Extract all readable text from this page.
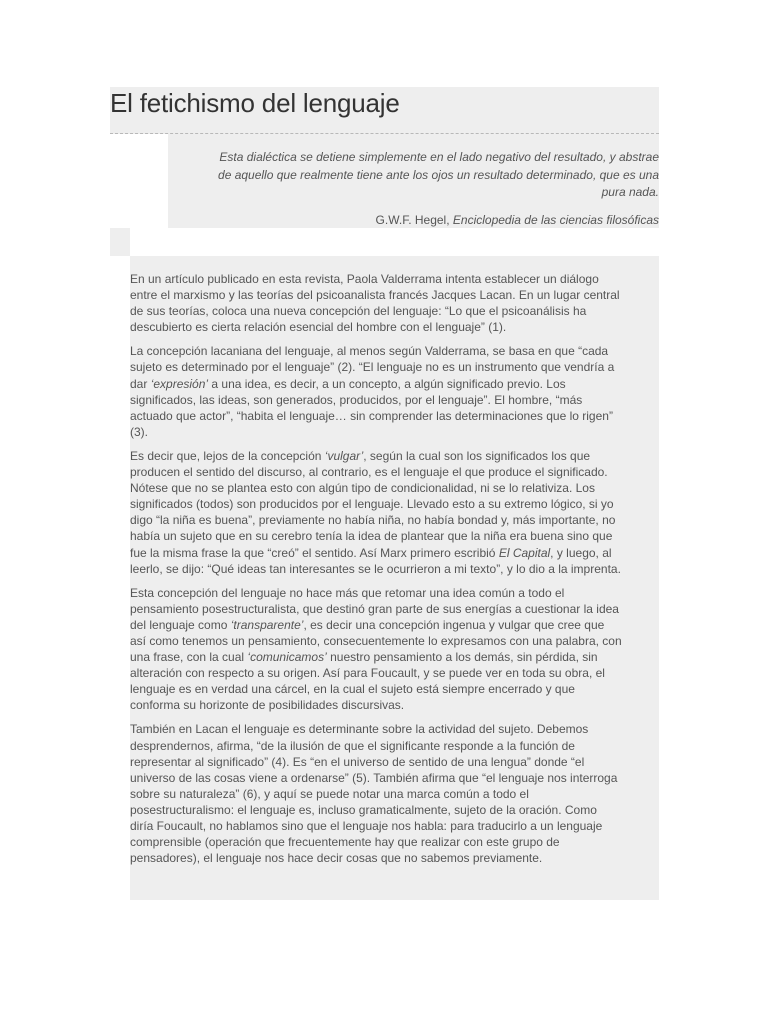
El fetichismo del lenguaje

Esta dialéctica se detiene simplemente en el lado negativo del resultado, y abstrae
de aquello que realmente tiene ante los ojos un resultado determinado, que es una
pura nada.

G.W.F. Hegel, Enciclopedia de las ciencias filosóficas

En un artículo publicado en esta revista, Paola Valderrama intenta establecer un diálogo
entre el marxismo y las teorías del psicoanalista francés Jacques Lacan. En un lugar central
de sus teorías, coloca una nueva concepción del lenguaje: “Lo que el psicoanálisis ha
descubierto es cierta relación esencial del hombre con el lenguaje” (1).

La concepción lacaniana del lenguaje, al menos según Valderrama, se basa en que “cada
sujeto es determinado por el lenguaje” (2). “El lenguaje no es un instrumento que vendría a
dar ‘expresión’ a una idea, es decir, a un concepto, a algún significado previo. Los
significados, las ideas, son generados, producidos, por el lenguaje”. El hombre, “más
actuado que actor”, “habita el lenguaje… sin comprender las determinaciones que lo rigen”
(3).

Es decir que, lejos de la concepción ‘vulgar’, según la cual son los significados los que
producen el sentido del discurso, al contrario, es el lenguaje el que produce el significado.
Nótese que no se plantea esto con algún tipo de condicionalidad, ni se lo relativiza. Los
significados (todos) son producidos por el lenguaje. Llevado esto a su extremo lógico, si yo
digo “la niña es buena”, previamente no había niña, no había bondad y, más importante, no
había un sujeto que en su cerebro tenía la idea de plantear que la niña era buena sino que
fue la misma frase la que “creó” el sentido. Así Marx primero escribió El Capital, y luego, al
leerlo, se dijo: “Qué ideas tan interesantes se le ocurrieron a mi texto”, y lo dio a la imprenta.

Esta concepción del lenguaje no hace más que retomar una idea común a todo el
pensamiento posestructuralista, que destinó gran parte de sus energías a cuestionar la idea
del lenguaje como ‘transparente’, es decir una concepción ingenua y vulgar que cree que
así como tenemos un pensamiento, consecuentemente lo expresamos con una palabra, con
una frase, con la cual ‘comunicamos’ nuestro pensamiento a los demás, sin pérdida, sin
alteración con respecto a su origen. Así para Foucault, y se puede ver en toda su obra, el
lenguaje es en verdad una cárcel, en la cual el sujeto está siempre encerrado y que
conforma su horizonte de posibilidades discursivas.

También en Lacan el lenguaje es determinante sobre la actividad del sujeto. Debemos
desprendernos, afirma, “de la ilusión de que el significante responde a la función de
representar al significado” (4). Es “en el universo de sentido de una lengua” donde “el
universo de las cosas viene a ordenarse” (5). También afirma que “el lenguaje nos interroga
sobre su naturaleza” (6), y aquí se puede notar una marca común a todo el
posestructuralismo: el lenguaje es, incluso gramaticalmente, sujeto de la oración. Como
diría Foucault, no hablamos sino que el lenguaje nos habla: para traducirlo a un lenguaje
comprensible (operación que frecuentemente hay que realizar con este grupo de
pensadores), el lenguaje nos hace decir cosas que no sabemos previamente.
